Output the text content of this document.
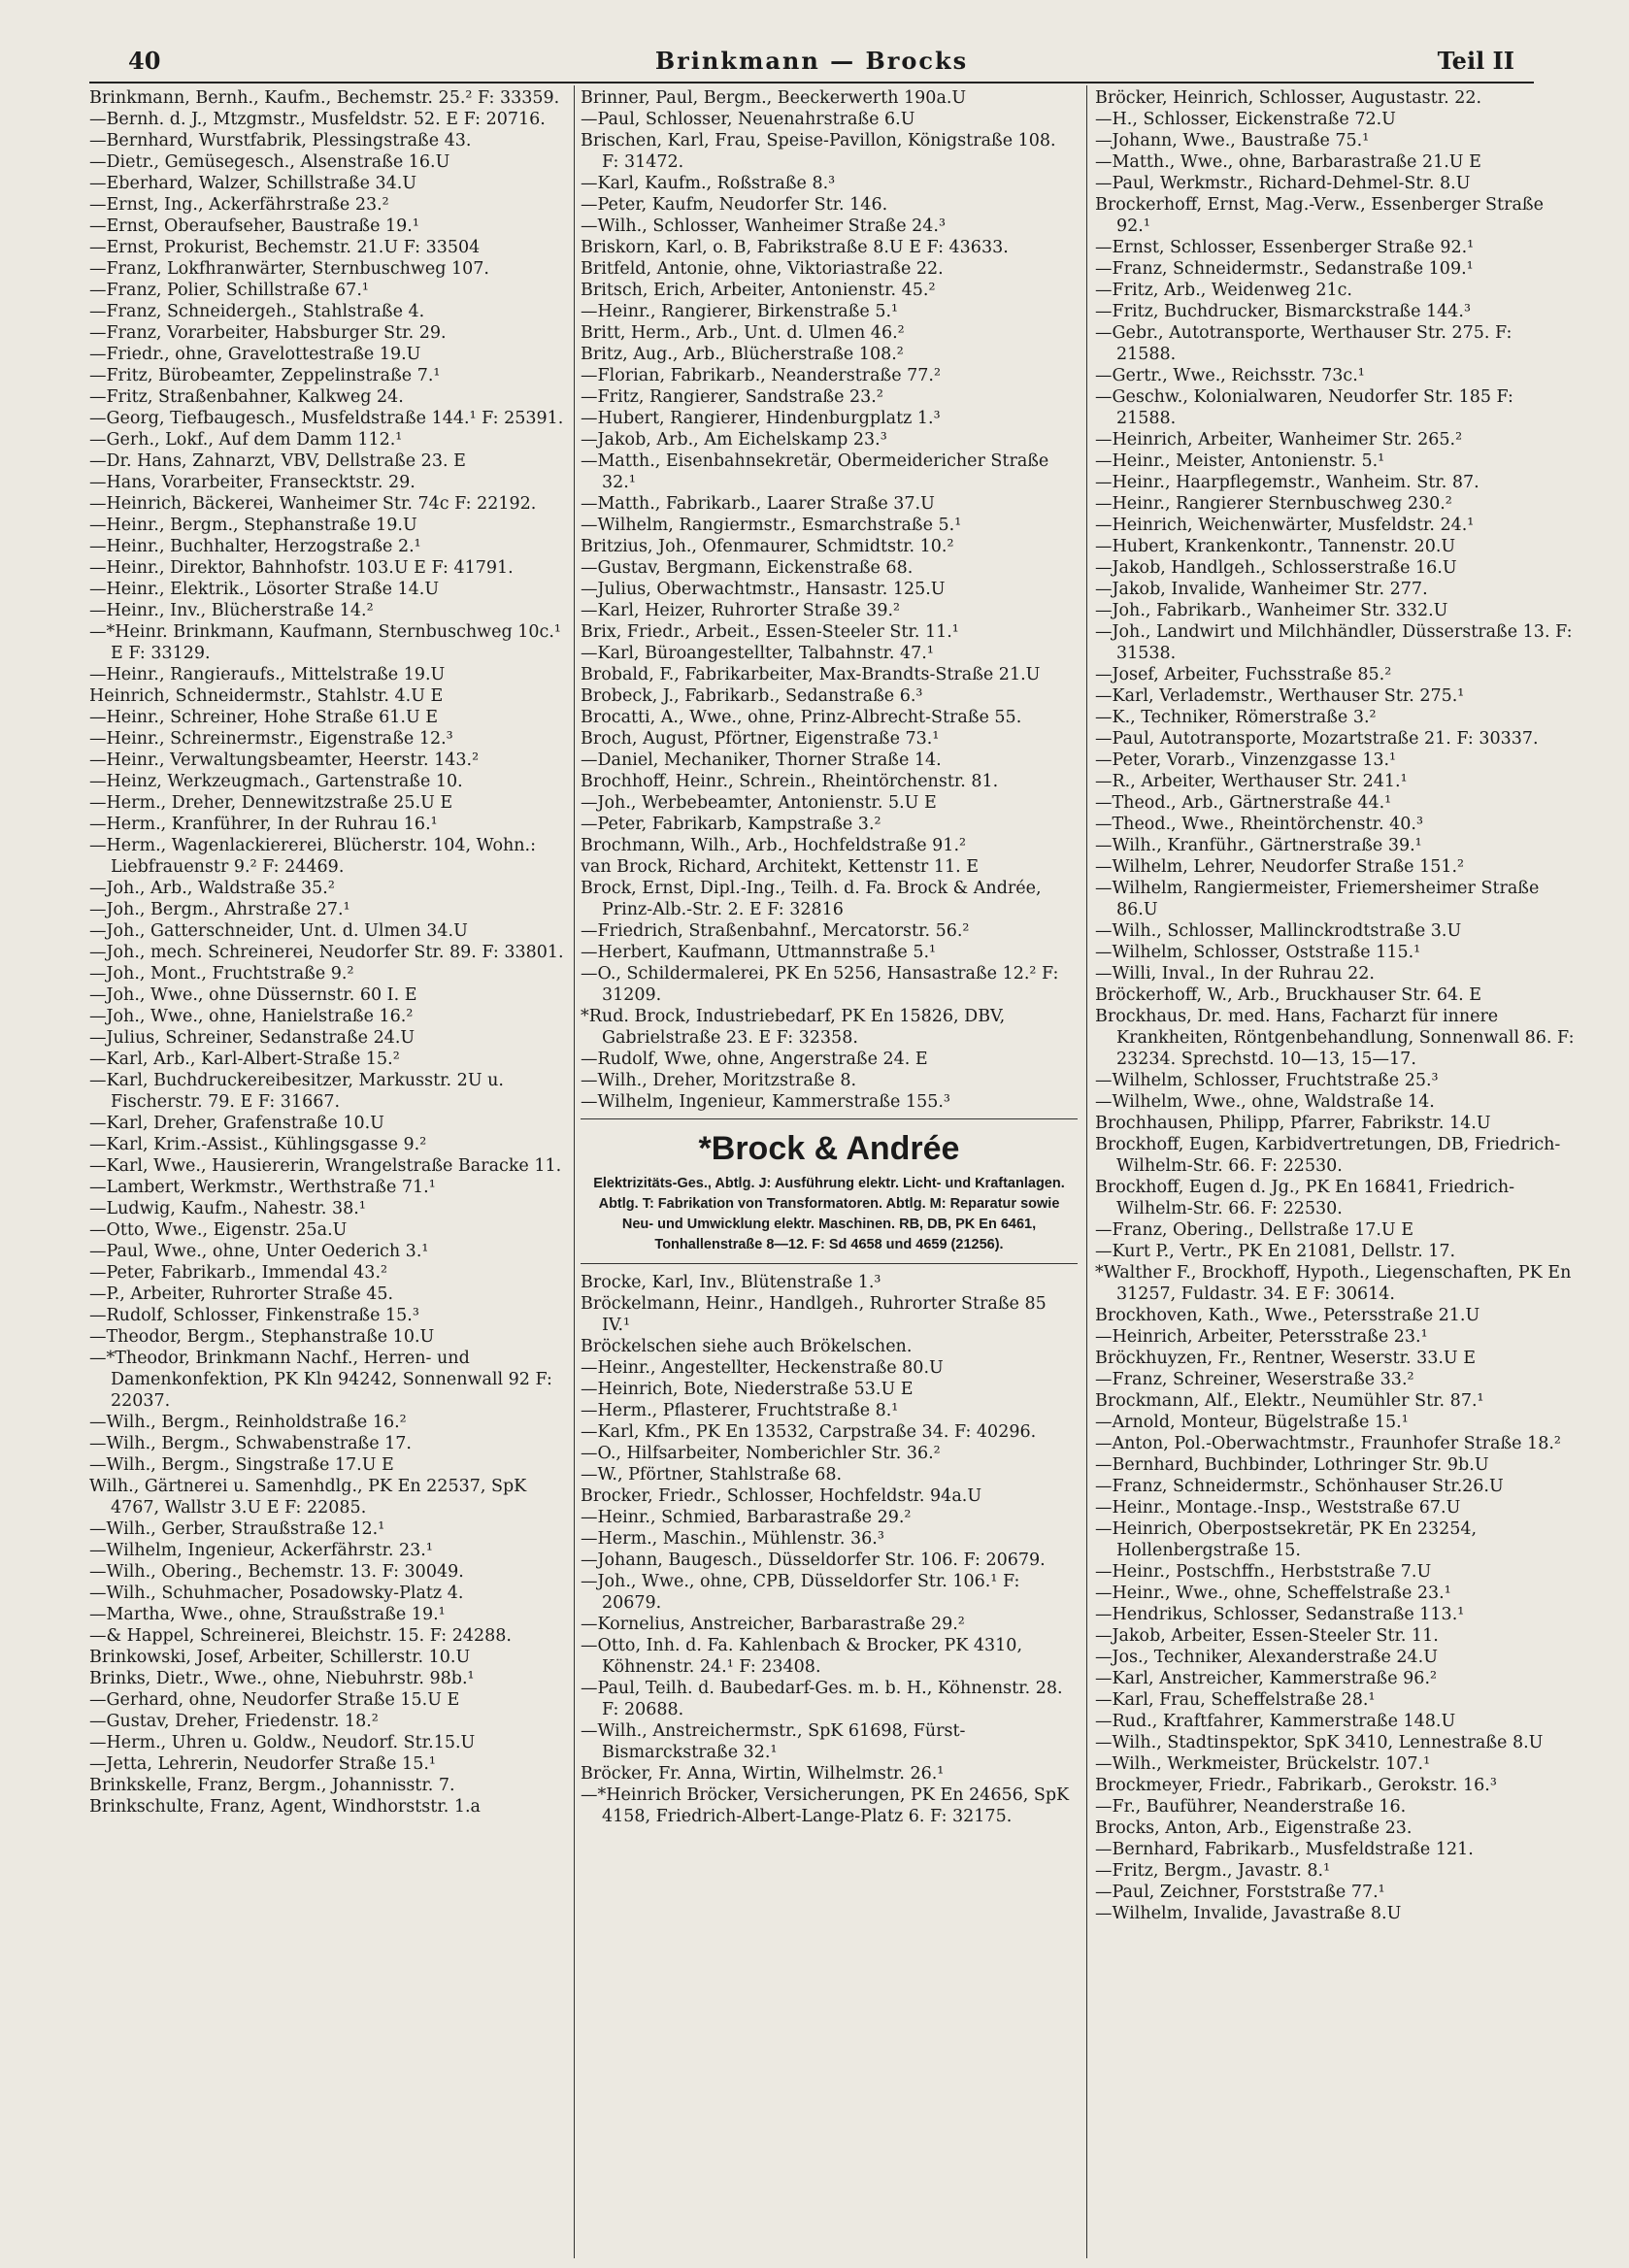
40	Brinkmann — Brocks	Teil II

Brinkmann, Bernh., Kaufm., Bechemstr. 25.² F: 33359.

—Bernh. d. J., Mtzgmstr., Musfeldstr. 52. E F: 20716.

—Bernhard, Wurstfabrik, Plessingstraße 43.

—Dietr., Gemüsegesch., Alsenstraße 16.U

—Eberhard, Walzer, Schillstraße 34.U

—Ernst, Ing., Ackerfährstraße 23.²

—Ernst, Oberaufseher, Baustraße 19.¹

—Ernst, Prokurist, Bechemstr. 21.U F: 33504

—Franz, Lokfhranwärter, Sternbuschweg 107.

—Franz, Polier, Schillstraße 67.¹

—Franz, Schneidergeh., Stahlstraße 4.

—Franz, Vorarbeiter, Habsburger Str. 29.

—Friedr., ohne, Gravelottestraße 19.U

—Fritz, Bürobeamter, Zeppelinstraße 7.¹

—Fritz, Straßenbahner, Kalkweg 24.

—Georg, Tiefbaugesch., Musfeldstraße 144.¹ F: 25391.

—Gerh., Lokf., Auf dem Damm 112.¹

—Dr. Hans, Zahnarzt, VBV, Dellstraße 23. E

—Hans, Vorarbeiter, Fransecktstr. 29.

—Heinrich, Bäckerei, Wanheimer Str. 74c F: 22192.

—Heinr., Bergm., Stephanstraße 19.U

—Heinr., Buchhalter, Herzogstraße 2.¹

—Heinr., Direktor, Bahnhofstr. 103.U E F: 41791.

—Heinr., Elektrik., Lösorter Straße 14.U

—Heinr., Inv., Blücherstraße 14.²

—*Heinr. Brinkmann, Kaufmann, Sternbuschweg 10c.¹ E F: 33129.

—Heinr., Rangieraufs., Mittelstraße 19.U

Heinrich, Schneidermstr., Stahlstr. 4.U E

—Heinr., Schreiner, Hohe Straße 61.U E

—Heinr., Schreinermstr., Eigenstraße 12.³

—Heinr., Verwaltungsbeamter, Heerstr. 143.²

—Heinz, Werkzeugmach., Gartenstraße 10.

—Herm., Dreher, Dennewitzstraße 25.U E

—Herm., Kranführer, In der Ruhrau 16.¹

—Herm., Wagenlackiererei, Blücherstr. 104, Wohn.: Liebfrauenstr 9.² F: 24469.

—Joh., Arb., Waldstraße 35.²

—Joh., Bergm., Ahrstraße 27.¹

—Joh., Gatterschneider, Unt. d. Ulmen 34.U

—Joh., mech. Schreinerei, Neudorfer Str. 89. F: 33801.

—Joh., Mont., Fruchtstraße 9.²

—Joh., Wwe., ohne Düssernstr. 60 I. E

—Joh., Wwe., ohne, Hanielstraße 16.²

—Julius, Schreiner, Sedanstraße 24.U

—Karl, Arb., Karl-Albert-Straße 15.²

—Karl, Buchdruckereibesitzer, Markusstr. 2U u. Fischerstr. 79. E F: 31667.

—Karl, Dreher, Grafenstraße 10.U

—Karl, Krim.-Assist., Kühlingsgasse 9.²

—Karl, Wwe., Hausiererin, Wrangelstraße Baracke 11.

—Lambert, Werkmstr., Werthstraße 71.¹

—Ludwig, Kaufm., Nahestr. 38.¹

—Otto, Wwe., Eigenstr. 25a.U

—Paul, Wwe., ohne, Unter Oederich 3.¹

—Peter, Fabrikarb., Immendal 43.²

—P., Arbeiter, Ruhrorter Straße 45.

—Rudolf, Schlosser, Finkenstraße 15.³

—Theodor, Bergm., Stephanstraße 10.U

—*Theodor, Brinkmann Nachf., Herren- und Damenkonfektion, PK Kln 94242, Sonnenwall 92 F: 22037.

—Wilh., Bergm., Reinholdstraße 16.²

—Wilh., Bergm., Schwabenstraße 17.

—Wilh., Bergm., Singstraße 17.U E

Wilh., Gärtnerei u. Samenhdlg., PK En 22537, SpK 4767, Wallstr 3.U E F: 22085.

—Wilh., Gerber, Straußstraße 12.¹

—Wilhelm, Ingenieur, Ackerfährstr. 23.¹

—Wilh., Obering., Bechemstr. 13. F: 30049.

—Wilh., Schuhmacher, Posadowsky-Platz 4.

—Martha, Wwe., ohne, Straußstraße 19.¹

—& Happel, Schreinerei, Bleichstr. 15. F: 24288.

Brinkowski, Josef, Arbeiter, Schillerstr. 10.U

Brinks, Dietr., Wwe., ohne, Niebuhrstr. 98b.¹

—Gerhard, ohne, Neudorfer Straße 15.U E

—Gustav, Dreher, Friedenstr. 18.²

—Herm., Uhren u. Goldw., Neudorf. Str.15.U

—Jetta, Lehrerin, Neudorfer Straße 15.¹

Brinkskelle, Franz, Bergm., Johannisstr. 7.

Brinkschulte, Franz, Agent, Windhorststr. 1.a

Brinner, Paul, Bergm., Beeckerwerth 190a.U

—Paul, Schlosser, Neuenahrstraße 6.U

Brischen, Karl, Frau, Speise-Pavillon, Königstraße 108. F: 31472.

—Karl, Kaufm., Roßstraße 8.³

—Peter, Kaufm, Neudorfer Str. 146.

—Wilh., Schlosser, Wanheimer Straße 24.³

Briskorn, Karl, o. B, Fabrikstraße 8.U E F: 43633.

Britfeld, Antonie, ohne, Viktoriastraße 22.

Britsch, Erich, Arbeiter, Antonienstr. 45.²

—Heinr., Rangierer, Birkenstraße 5.¹

Britt, Herm., Arb., Unt. d. Ulmen 46.²

Britz, Aug., Arb., Blücherstraße 108.²

—Florian, Fabrikarb., Neanderstraße 77.²

—Fritz, Rangierer, Sandstraße 23.²

—Hubert, Rangierer, Hindenburgplatz 1.³

—Jakob, Arb., Am Eichelskamp 23.³

—Matth., Eisenbahnsekretär, Obermeidericher Straße 32.¹

—Matth., Fabrikarb., Laarer Straße 37.U

—Wilhelm, Rangiermstr., Esmarchstraße 5.¹

Britzius, Joh., Ofenmaurer, Schmidtstr. 10.²

—Gustav, Bergmann, Eickenstraße 68.

—Julius, Oberwachtmstr., Hansastr. 125.U

—Karl, Heizer, Ruhrorter Straße 39.²

Brix, Friedr., Arbeit., Essen-Steeler Str. 11.¹

—Karl, Büroangestellter, Talbahnstr. 47.¹

Brobald, F., Fabrikarbeiter, Max-Brandts-Straße 21.U

Brobeck, J., Fabrikarb., Sedanstraße 6.³

Brocatti, A., Wwe., ohne, Prinz-Albrecht-Straße 55.

Broch, August, Pförtner, Eigenstraße 73.¹

—Daniel, Mechaniker, Thorner Straße 14.

Brochhoff, Heinr., Schrein., Rheintörchenstr. 81.

—Joh., Werbebeamter, Antonienstr. 5.U E

—Peter, Fabrikarb, Kampstraße 3.²

Brochmann, Wilh., Arb., Hochfeldstraße 91.²

van Brock, Richard, Architekt, Kettenstr 11. E

Brock, Ernst, Dipl.-Ing., Teilh. d. Fa. Brock & Andrée, Prinz-Alb.-Str. 2. E F: 32816

—Friedrich, Straßenbahnf., Mercatorstr. 56.²

—Herbert, Kaufmann, Uttmannstraße 5.¹

—O., Schildermalerei, PK En 5256, Hansastraße 12.² F: 31209.

*Rud. Brock, Industriebedarf, PK En 15826, DBV, Gabrielstraße 23. E F: 32358.

—Rudolf, Wwe, ohne, Angerstraße 24. E

—Wilh., Dreher, Moritzstraße 8.

—Wilhelm, Ingenieur, Kammerstraße 155.³

*Brock & Andrée

Elektrizitäts-Ges., Abtlg. J: Ausführung elektr. Licht- und Kraftanlagen. Abtlg. T: Fabrikation von Transformatoren. Abtlg. M: Reparatur sowie Neu- und Umwicklung elektr. Maschinen. RB, DB, PK En 6461, Tonhallenstraße 8—12. F: Sd 4658 und 4659 (21256).

Brocke, Karl, Inv., Blütenstraße 1.³

Bröckelmann, Heinr., Handlgeh., Ruhrorter Straße 85 IV.¹

Bröckelschen siehe auch Brökelschen.

—Heinr., Angestellter, Heckenstraße 80.U

—Heinrich, Bote, Niederstraße 53.U E

—Herm., Pflasterer, Fruchtstraße 8.¹

—Karl, Kfm., PK En 13532, Carpstraße 34. F: 40296.

—O., Hilfsarbeiter, Nomberichler Str. 36.²

—W., Pförtner, Stahlstraße 68.

Brocker, Friedr., Schlosser, Hochfeldstr. 94a.U

—Heinr., Schmied, Barbarastraße 29.²

—Herm., Maschin., Mühlenstr. 36.³

—Johann, Baugesch., Düsseldorfer Str. 106. F: 20679.

—Joh., Wwe., ohne, CPB, Düsseldorfer Str. 106.¹ F: 20679.

—Kornelius, Anstreicher, Barbarastraße 29.²

—Otto, Inh. d. Fa. Kahlenbach & Brocker, PK 4310, Köhnenstr. 24.¹ F: 23408.

—Paul, Teilh. d. Baubedarf-Ges. m. b. H., Köhnenstr. 28. F: 20688.

—Wilh., Anstreichermstr., SpK 61698, Fürst-Bismarckstraße 32.¹

Bröcker, Fr. Anna, Wirtin, Wilhelmstr. 26.¹

—*Heinrich Bröcker, Versicherungen, PK En 24656, SpK 4158, Friedrich-Albert-Lange-Platz 6. F: 32175.

Bröcker, Heinrich, Schlosser, Augustastr. 22.

—H., Schlosser, Eickenstraße 72.U

—Johann, Wwe., Baustraße 75.¹

—Matth., Wwe., ohne, Barbarastraße 21.U E

—Paul, Werkmstr., Richard-Dehmel-Str. 8.U

Brockerhoff, Ernst, Mag.-Verw., Essenberger Straße 92.¹

—Ernst, Schlosser, Essenberger Straße 92.¹

—Franz, Schneidermstr., Sedanstraße 109.¹

—Fritz, Arb., Weidenweg 21c.

—Fritz, Buchdrucker, Bismarckstraße 144.³

—Gebr., Autotransporte, Werthauser Str. 275. F: 21588.

—Gertr., Wwe., Reichsstr. 73c.¹

—Geschw., Kolonialwaren, Neudorfer Str. 185 F: 21588.

—Heinrich, Arbeiter, Wanheimer Str. 265.²

—Heinr., Meister, Antonienstr. 5.¹

—Heinr., Haarpflegemstr., Wanheim. Str. 87.

—Heinr., Rangierer Sternbuschweg 230.²

—Heinrich, Weichenwärter, Musfeldstr. 24.¹

—Hubert, Krankenkontr., Tannenstr. 20.U

—Jakob, Handlgeh., Schlosserstraße 16.U

—Jakob, Invalide, Wanheimer Str. 277.

—Joh., Fabrikarb., Wanheimer Str. 332.U

—Joh., Landwirt und Milchhändler, Düsserstraße 13. F: 31538.

—Josef, Arbeiter, Fuchsstraße 85.²

—Karl, Verlademstr., Werthauser Str. 275.¹

—K., Techniker, Römerstraße 3.²

—Paul, Autotransporte, Mozartstraße 21. F: 30337.

—Peter, Vorarb., Vinzenzgasse 13.¹

—R., Arbeiter, Werthauser Str. 241.¹

—Theod., Arb., Gärtnerstraße 44.¹

—Theod., Wwe., Rheintörchenstr. 40.³

—Wilh., Kranführ., Gärtnerstraße 39.¹

—Wilhelm, Lehrer, Neudorfer Straße 151.²

—Wilhelm, Rangiermeister, Friemersheimer Straße 86.U

—Wilh., Schlosser, Mallinckrodtstraße 3.U

—Wilhelm, Schlosser, Oststraße 115.¹

—Willi, Inval., In der Ruhrau 22.

Bröckerhoff, W., Arb., Bruckhauser Str. 64. E

Brockhaus, Dr. med. Hans, Facharzt für innere Krankheiten, Röntgenbehandlung, Sonnenwall 86. F: 23234. Sprechstd. 10—13, 15—17.

—Wilhelm, Schlosser, Fruchtstraße 25.³

—Wilhelm, Wwe., ohne, Waldstraße 14.

Brochhausen, Philipp, Pfarrer, Fabrikstr. 14.U

Brockhoff, Eugen, Karbidvertretungen, DB, Friedrich-Wilhelm-Str. 66. F: 22530.

Brockhoff, Eugen d. Jg., PK En 16841, Friedrich-Wilhelm-Str. 66. F: 22530.

—Franz, Obering., Dellstraße 17.U E

—Kurt P., Vertr., PK En 21081, Dellstr. 17.

*Walther F., Brockhoff, Hypoth., Liegenschaften, PK En 31257, Fuldastr. 34. E F: 30614.

Brockhoven, Kath., Wwe., Petersstraße 21.U

—Heinrich, Arbeiter, Petersstraße 23.¹

Bröckhuyzen, Fr., Rentner, Weserstr. 33.U E

—Franz, Schreiner, Weserstraße 33.²

Brockmann, Alf., Elektr., Neumühler Str. 87.¹

—Arnold, Monteur, Bügelstraße 15.¹

—Anton, Pol.-Oberwachtmstr., Fraunhofer Straße 18.²

—Bernhard, Buchbinder, Lothringer Str. 9b.U

—Franz, Schneidermstr., Schönhauser Str.26.U

—Heinr., Montage.-Insp., Weststraße 67.U

—Heinrich, Oberpostsekretär, PK En 23254, Hollenbergstraße 15.

—Heinr., Postschffn., Herbststraße 7.U

—Heinr., Wwe., ohne, Scheffelstraße 23.¹

—Hendrikus, Schlosser, Sedanstraße 113.¹

—Jakob, Arbeiter, Essen-Steeler Str. 11.

—Jos., Techniker, Alexanderstraße 24.U

—Karl, Anstreicher, Kammerstraße 96.²

—Karl, Frau, Scheffelstraße 28.¹

—Rud., Kraftfahrer, Kammerstraße 148.U

—Wilh., Stadtinspektor, SpK 3410, Lennestraße 8.U

—Wilh., Werkmeister, Brückelstr. 107.¹

Brockmeyer, Friedr., Fabrikarb., Gerokstr. 16.³

—Fr., Bauführer, Neanderstraße 16.

Brocks, Anton, Arb., Eigenstraße 23.

—Bernhard, Fabrikarb., Musfeldstraße 121.

—Fritz, Bergm., Javastr. 8.¹

—Paul, Zeichner, Forststraße 77.¹

—Wilhelm, Invalide, Javastraße 8.U
